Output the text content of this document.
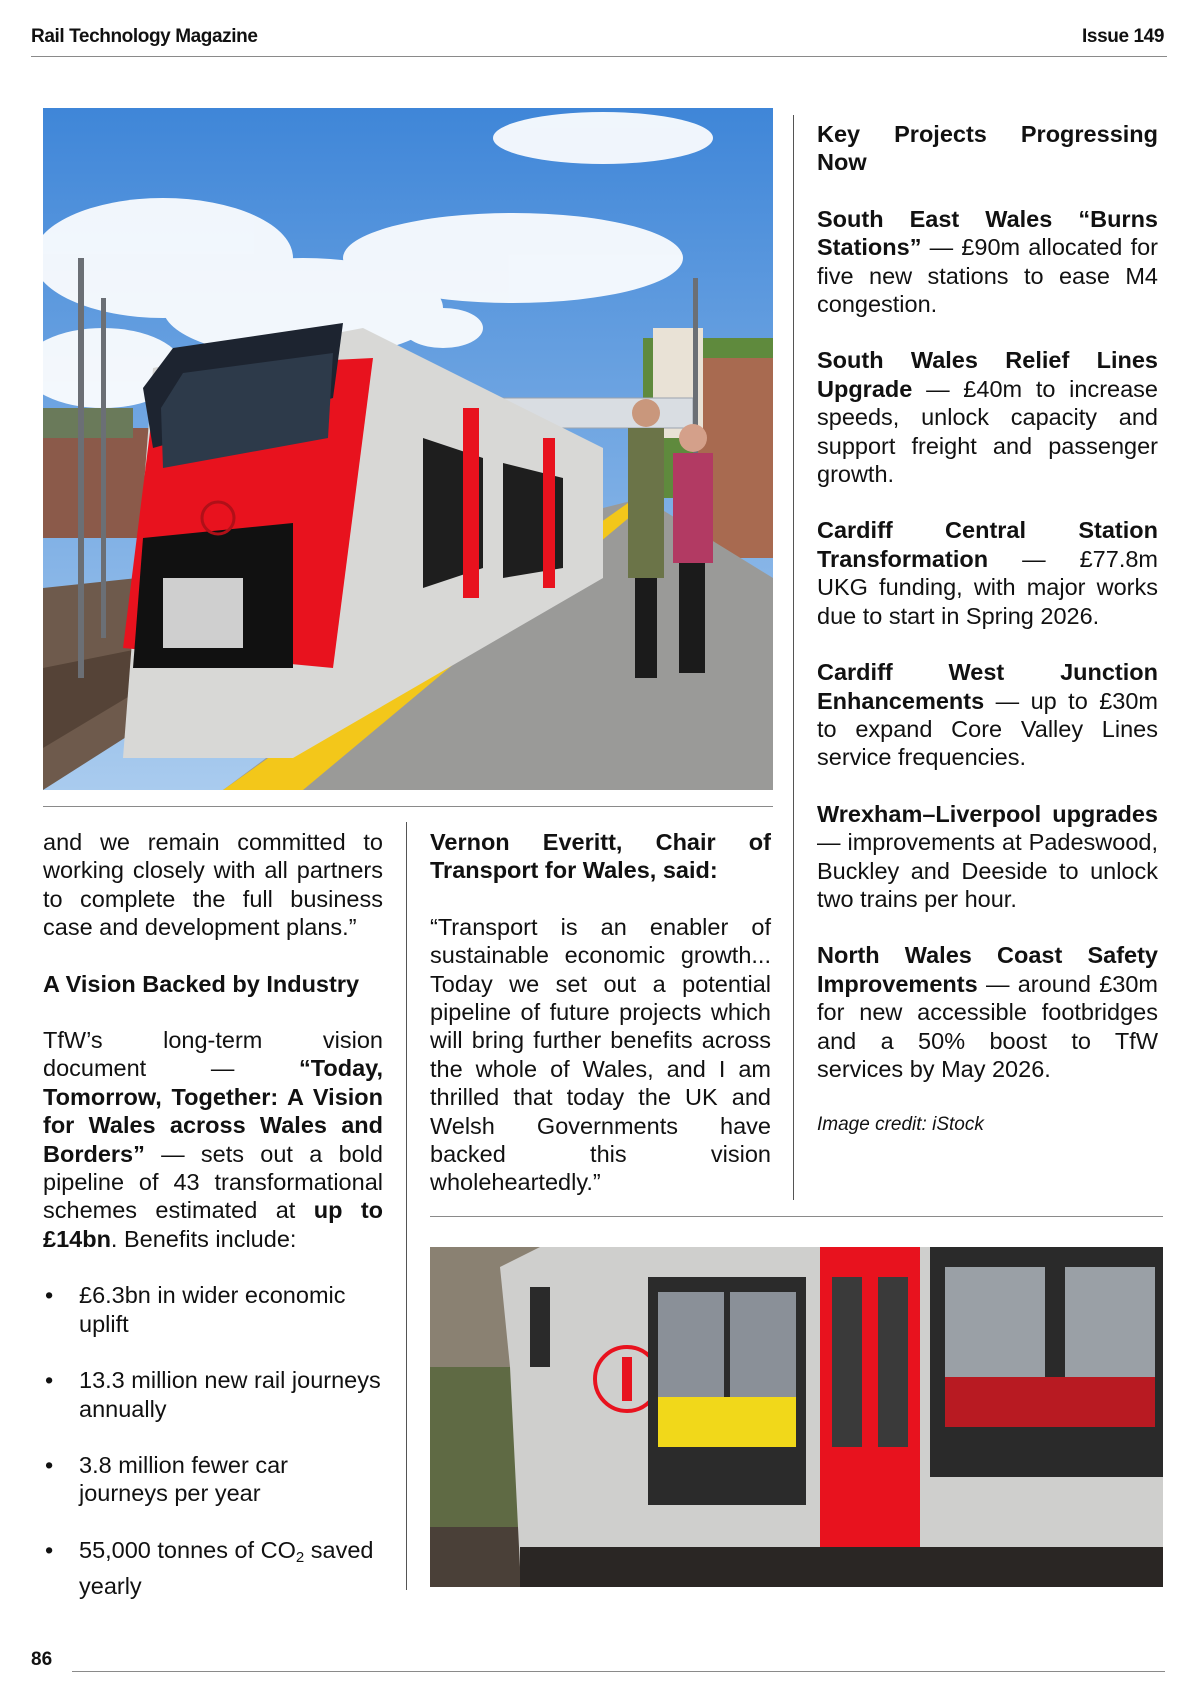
Rail Technology Magazine	Issue 149

and we remain committed to working closely with all partners to complete the full business case and development plans.”

A Vision Backed by Industry

TfW’s long-term vision document —	“Today, Tomorrow, Together: A Vision for Wales across Wales and Borders” — sets out a bold pipeline of 43 transformational schemes estimated at up to £14bn. Benefits include:

• £6.3bn in wider economic uplift
• 13.3 million new rail journeys annually
• 3.8 million fewer car journeys per year
• 55,000 tonnes of $CO_2$ saved yearly

Vernon Everitt, Chair of Transport for Wales, said:

“Transport is an enabler of sustainable economic growth... Today we set out a potential pipeline of future projects which will bring further benefits across the whole of Wales, and I am thrilled that today the UK and Welsh Governments have backed this vision wholeheartedly.”

Key Projects Progressing Now

South East Wales “Burns Stations” — £90m allocated for five new stations to ease M4 congestion.

South Wales Relief Lines Upgrade — £40m to increase speeds, unlock capacity and support freight and passenger growth.

Cardiff Central Station Transformation — £77.8m UKG funding, with major works due to start in Spring 2026.

Cardiff West Junction Enhancements — up to £30m to expand Core Valley Lines service frequencies.

Wrexham–Liverpool upgrades — improvements at Padeswood, Buckley and Deeside to unlock two trains per hour.

North Wales Coast Safety Improvements — around £30m for new accessible footbridges and a 50% boost to TfW services by May 2026.

Image credit: iStock

86
